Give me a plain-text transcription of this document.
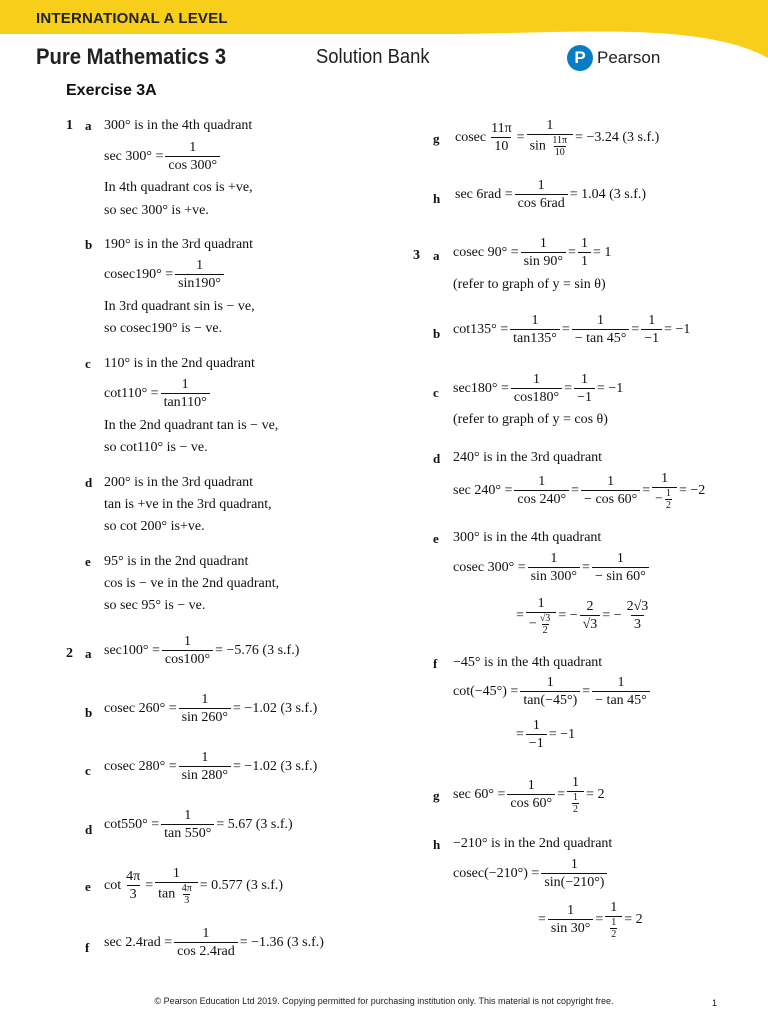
INTERNATIONAL A LEVEL
Pure Mathematics 3	Solution Bank	P Pearson
Exercise 3A
1 a 300° is in the 4th quadrant
$\sec 300^\circ = \frac{1}{\cos 300^\circ}$
In 4th quadrant cos is +ve,
so sec 300° is +ve.
b 190° is in the 3rd quadrant
$cosec190^\circ = \frac{1}{\sin 190^\circ}$
In 3rd quadrant sin is − ve,
so cosec190° is − ve.
c 110° is in the 2nd quadrant
$\cot 110^\circ = \frac{1}{\tan 110^\circ}$
In the 2nd quadrant tan is − ve,
so cot110° is − ve.
d 200° is in the 3rd quadrant
tan is +ve in the 3rd quadrant,
so cot 200° is+ve.
e 95° is in the 2nd quadrant
cos is − ve in the 2nd quadrant,
so sec 95° is − ve.
2 a $\sec 100^\circ = \frac{1}{\cos 100^\circ} = -5.76$ (3 s.f.)
b cosec $260^\circ = \frac{1}{\sin 260^\circ} = -1.02$ (3 s.f.)
c cosec $280^\circ = \frac{1}{\sin 280^\circ} = -1.02$ (3 s.f.)
d $\cot 550^\circ = \frac{1}{\tan 550^\circ} = 5.67$ (3 s.f.)
e $\cot \frac{4\pi}{3} = \frac{1}{\tan \frac{4\pi}{3}} = 0.577$ (3 s.f.)
f $\sec 2.4rad = \frac{1}{\text{cos 2.4rad}} = -1.36$ (3 s.f.)
g cosec $\frac{11\pi}{10} = \frac{1}{\sin \frac{11\pi}{10}} = -3.24$ (3 s.f.)
h $\sec 6rad = \frac{1}{\text{cos 6rad}} = 1.04$ (3 s.f.)
3 a cosec $90^\circ = \frac{1}{\sin 90^\circ} = \frac{1}{1} = 1$
(refer to graph of y = sin θ)
b $\cot 135^\circ = \frac{1}{\tan 135^\circ} = \frac{1}{- \tan 45^\circ} = \frac{1}{-1} = -1$
c $\sec 180^\circ = \frac{1}{\cos 180^\circ} = \frac{1}{-1} = -1$
(refer to graph of y = cos θ)
d 240° is in the 3rd quadrant
$\sec 240^\circ = \frac{1}{\cos 240^\circ} = \frac{1}{- \cos 60^\circ} = \frac{1}{- \frac{1}{2}} = -2$
e 300° is in the 4th quadrant
cosec $300^\circ = \frac{1}{\sin 300^\circ} = \frac{1}{- \sin 60^\circ}$
= $\frac{1}{- \frac{√3}{2}}$ = − $\frac{2}{√3}$ = − $\frac{2√3}{3}$
f −45° is in the 4th quadrant
$\cot(-45^\circ) = \frac{1}{\tan(-45^\circ)} = \frac{1}{- \tan 45^\circ}$
= $\frac{1}{-1} = -1$
g $\sec 60^\circ = \frac{1}{\cos 60^\circ} = \frac{1}{\frac{1}{2}} = 2$
h −210° is in the 2nd quadrant
$cosec(-210^\circ) = \frac{1}{\sin(-210^\circ)}$
= $\frac{1}{\sin 30^\circ} = \frac{1}{\frac{1}{2}} = 2$
© Pearson Education Ltd 2019. Copying permitted for purchasing institution only. This material is not copyright free.	1
